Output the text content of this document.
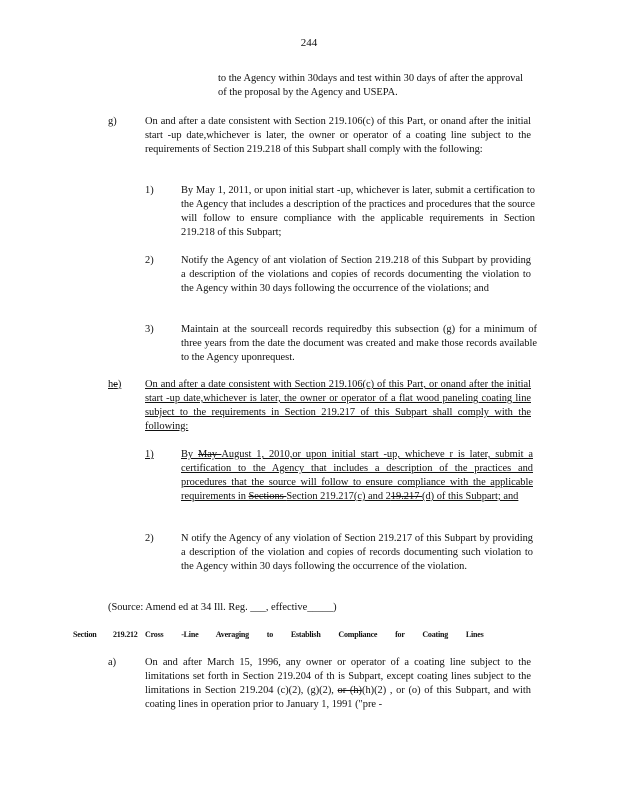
244
to the Agency within 30days and test within 30 days of after the approval of the proposal by the Agency and USEPA.
g)	On and after a date consistent with Section 219.106(c) of this Part, or onand after the initial start -up date,whichever is later, the owner or operator of a coating line subject to the requirements of Section 219.218 of this Subpart shall comply with the following:
1)	By May 1, 2011, or upon initial start -up, whichever is later, submit a certification to the Agency that includes a description of the practices and procedures that the source will follow to ensure compliance with the applicable requirements in Section 219.218 of this Subpart;
2)	Notify the Agency of ant violation of Section 219.218 of this Subpart by providing a description of the violations and copies of records documenting the violation to the Agency within 30 days following the occurrence of the violations; and
3)	Maintain at the sourceall records requiredby this subsection (g) for a minimum of three years from the date the document was created and make those records available to the Agency uponrequest.
he) On and after a date consistent with Section 219.106(c) of this Part, or onand after the initial start -up date,whichever is later, the owner or operator of a flat wood paneling coating line subject to the requirements in Section 219.217 of this Subpart shall comply with the following:
1)	By May August 1, 2010,or upon initial start -up, whicheve r is later, submit a certification to the Agency that includes a description of the practices and procedures that the source will follow to ensure compliance with the applicable requirements in Sections Section 219.217(c) and 219.217 (d) of this Subpart; and
2)	N otify the Agency of any violation of Section 219.217 of this Subpart by providing a description of the violation and copies of records documenting such violation to the Agency within 30 days following the occurrence of the violation.
(Source: Amend ed at 34 Ill. Reg. ___, effective_____)
Section 219.212 Cross -Line Averaging to Establish Compliance for Coating Lines
a)	On and after March 15, 1996, any owner or operator of a coating line subject to the limitations set forth in Section 219.204 of th is Subpart, except coating lines subject to the limitations in Section 219.204 (c)(2), (g)(2), or (h)(h)(2) , or (o) of this Subpart, and with coating lines in operation prior to January 1, 1991 ("pre -
